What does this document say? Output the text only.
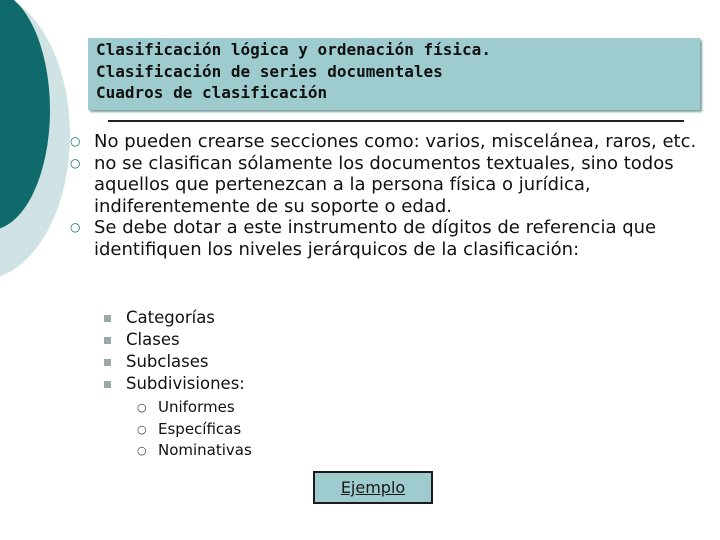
Clasificación lógica y ordenación física.
Clasificación de series documentales
Cuadros de clasificación
○ No pueden crearse secciones como: varios, miscelánea, raros, etc.
○ no se clasifican sólamente los documentos textuales, sino todos aquellos que pertenezcan a la persona física o jurídica, indiferentemente de su soporte o edad.
○ Se debe dotar a este instrumento de dígitos de referencia que identifiquen los niveles jerárquicos de la clasificación:
Categorías
Clases
Subclases
Subdivisiones:
○ Uniformes
○ Específicas
○ Nominativas
Ejemplo
